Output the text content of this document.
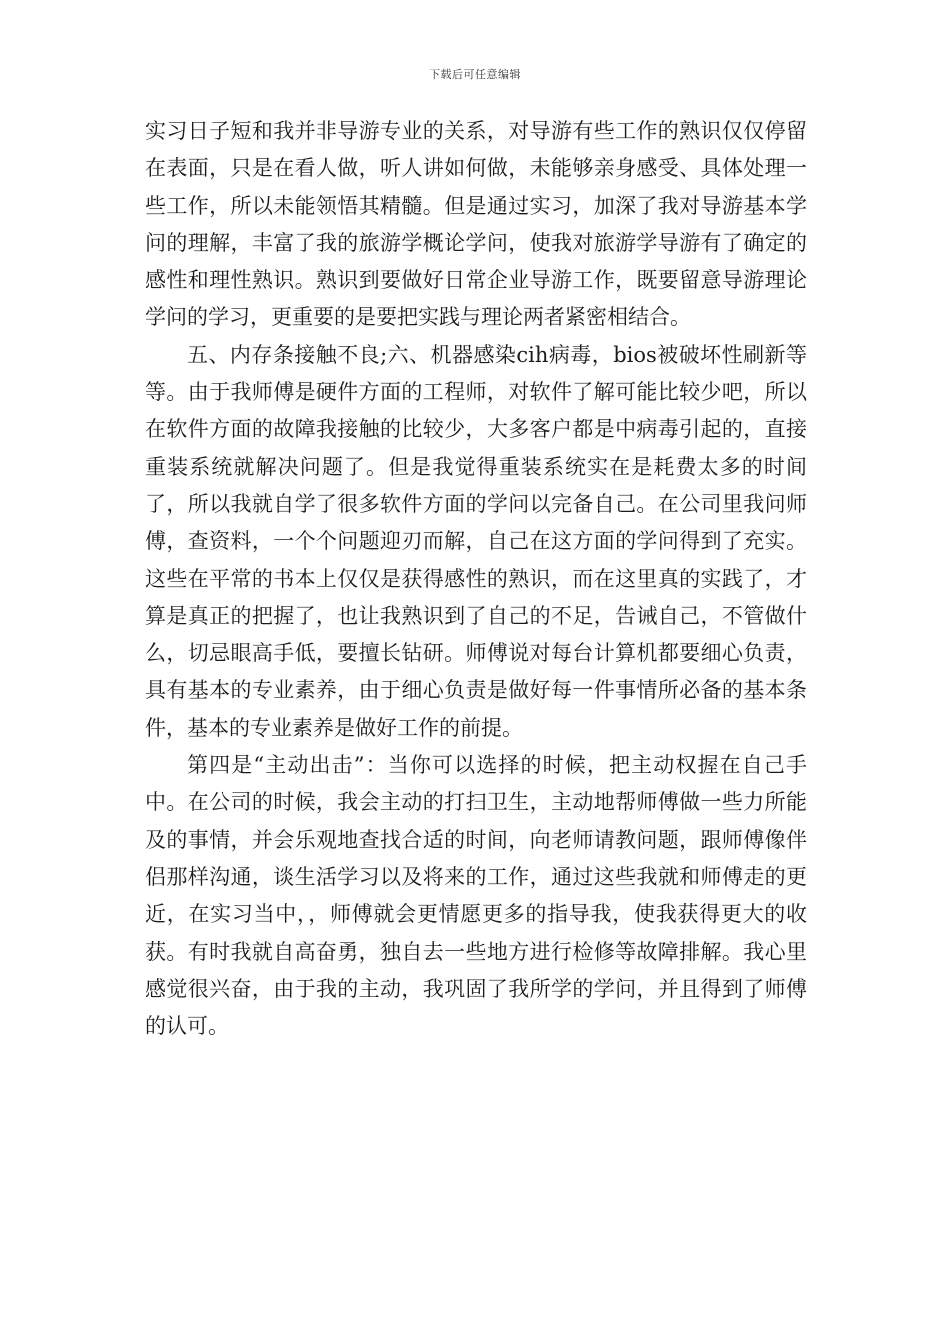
下载后可任意编辑

实习日子短和我并非导游专业的关系，对导游有些工作的熟识仅仅停留在表面，只是在看人做，听人讲如何做，未能够亲身感受、具体处理一些工作，所以未能领悟其精髓。但是通过实习，加深了我对导游基本学问的理解，丰富了我的旅游学概论学问，使我对旅游学导游有了确定的感性和理性熟识。熟识到要做好日常企业导游工作，既要留意导游理论学问的学习，更重要的是要把实践与理论两者紧密相结合。

五、内存条接触不良;六、机器感染cih病毒，bios被破坏性刷新等等。由于我师傅是硬件方面的工程师，对软件了解可能比较少吧，所以在软件方面的故障我接触的比较少，大多客户都是中病毒引起的，直接重装系统就解决问题了。但是我觉得重装系统实在是耗费太多的时间了，所以我就自学了很多软件方面的学问以完备自己。在公司里我问师傅，查资料，一个个问题迎刃而解，自己在这方面的学问得到了充实。这些在平常的书本上仅仅是获得感性的熟识，而在这里真的实践了，才算是真正的把握了，也让我熟识到了自己的不足，告诫自己，不管做什么，切忌眼高手低，要擅长钻研。师傅说对每台计算机都要细心负责，具有基本的专业素养，由于细心负责是做好每一件事情所必备的基本条件，基本的专业素养是做好工作的前提。

第四是“主动出击”：当你可以选择的时候，把主动权握在自己手中。在公司的时候，我会主动的打扫卫生，主动地帮师傅做一些力所能及的事情，并会乐观地查找合适的时间，向老师请教问题，跟师傅像伴侣那样沟通，谈生活学习以及将来的工作，通过这些我就和师傅走的更近，在实习当中，，师傅就会更情愿更多的指导我，使我获得更大的收获。有时我就自高奋勇，独自去一些地方进行检修等故障排解。我心里感觉很兴奋，由于我的主动，我巩固了我所学的学问，并且得到了师傅的认可。
